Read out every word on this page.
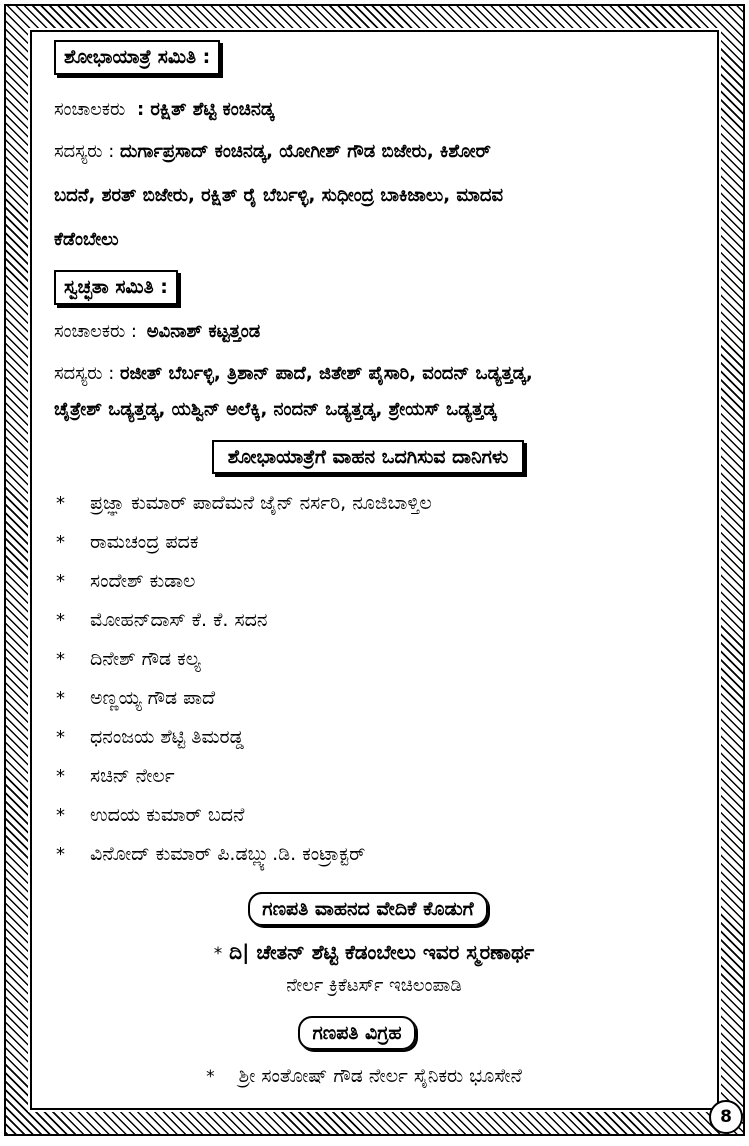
ಶೋಭಾಯಾತ್ರೆ ಸಮಿತಿ :
ಸಂಚಾಲಕರು : ರಕ್ಷಿತ್ ಶೆಟ್ಟಿ ಕಂಚಿನಡ್ಕ
ಸದಸ್ಯರು : ದುರ್ಗಾಪ್ರಸಾದ್ ಕಂಚಿನಡ್ಕ, ಯೋಗೀಶ್ ಗೌಡ ಬಿಜೇರು, ಕಿಶೋರ್
ಬದನೆ, ಶರತ್ ಬಿಜೇರು, ರಕ್ಷಿತ್ ರೈ ಬೆರ್ಬಳ್ಳಿ, ಸುಧೀಂದ್ರ ಬಾಕಿಜಾಲು, ಮಾದವ
ಕೆಡೆಂಬೇಲು
ಸ್ವಚ್ಛತಾ ಸಮಿತಿ :
ಸಂಚಾಲಕರು : ಅವಿನಾಶ್ ಕಟ್ಟತ್ತಂಡ
ಸದಸ್ಯರು : ರಜೀತ್ ಬೆರ್ಬಳ್ಳಿ, ತ್ರಿಶಾನ್ ಪಾದೆ, ಜಿತೇಶ್ ಪೈಸಾರಿ, ವಂದನ್ ಒಡ್ಯತ್ತಡ್ಕ,
ಚೈತ್ರೇಶ್ ಒಡ್ಯತ್ತಡ್ಕ, ಯಶ್ವಿನ್ ಅಲೆಕ್ಕಿ, ನಂದನ್ ಒಡ್ಯತ್ತಡ್ಕ, ಶ್ರೇಯಸ್ ಒಡ್ಯತ್ತಡ್ಕ
ಶೋಭಾಯಾತ್ರೆಗೆ ವಾಹನ ಒದಗಿಸುವ ದಾನಿಗಳು
* ಪ್ರಜ್ಞಾ ಕುಮಾರ್ ಪಾದೆಮನೆ ಜೈನ್ ನರ್ಸರಿ, ನೂಜಿಬಾಳ್ತಿಲ
* ರಾಮಚಂದ್ರ ಪದಕ
* ಸಂದೇಶ್ ಕುಡಾಲ
* ಮೋಹನ್‌ದಾಸ್ ಕೆ. ಕೆ. ಸದನ
* ದಿನೇಶ್ ಗೌಡ ಕಲ್ಯ
* ಅಣ್ಣಯ್ಯ ಗೌಡ ಪಾದೆ
* ಧನಂಜಯ ಶೆಟ್ಟಿ ತಿಮರಡ್ಡ
* ಸಚಿನ್ ನೇರ್ಲ
* ಉದಯ ಕುಮಾರ್ ಬದನೆ
* ವಿನೋದ್ ಕುಮಾರ್ ಪಿ.ಡಬ್ಲ್ಯು.ಡಿ. ಕಂಟ್ರಾಕ್ಟರ್
ಗಣಪತಿ ವಾಹನದ ವೇದಿಕೆ ಕೊಡುಗೆ
* ದಿ| ಚೇತನ್ ಶೆಟ್ಟಿ ಕೆಡಂಬೇಲು ಇವರ ಸ್ಮರಣಾರ್ಥ
ನೇರ್ಲ ಕ್ರಿಕೆಟರ್ಸ್ ಇಚಿಲಂಪಾಡಿ
ಗಣಪತಿ ವಿಗ್ರಹ
* ಶ್ರೀ ಸಂತೋಷ್ ಗೌಡ ನೇರ್ಲ ಸೈನಿಕರು ಭೂಸೇನೆ
8
